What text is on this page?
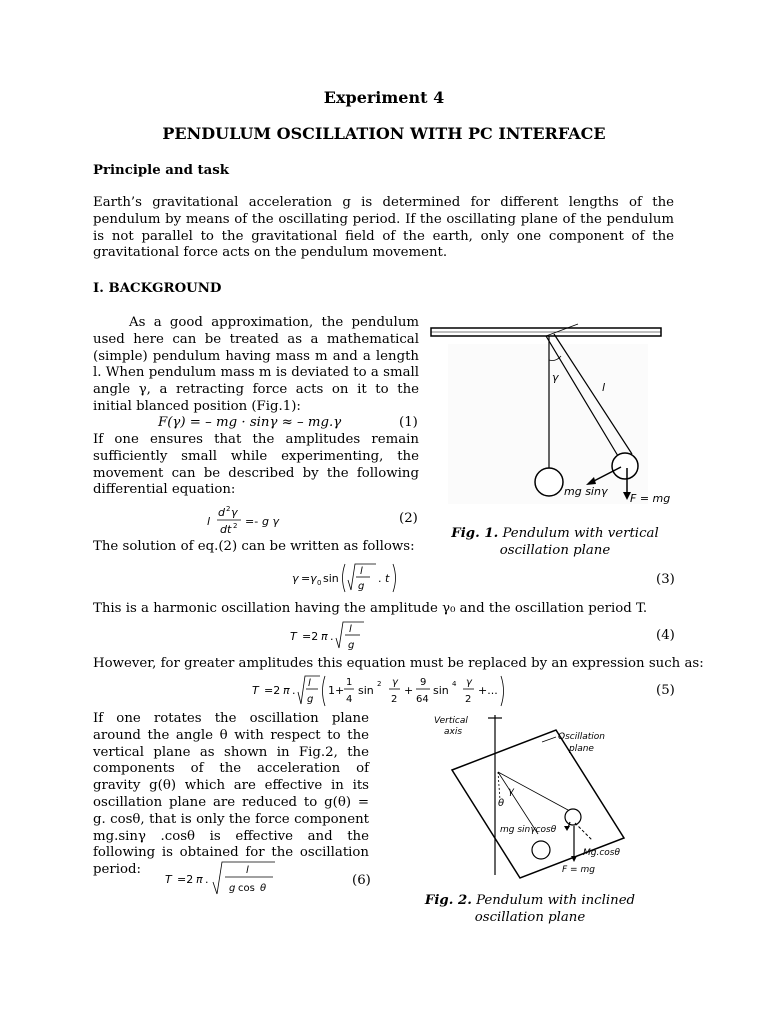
Experiment 4
PENDULUM OSCILLATION WITH PC INTERFACE
Principle and task
Earth’s gravitational acceleration g is determined for different lengths of the pendulum by means of the oscillating period. If the oscillating plane of the pendulum is not parallel to the gravitational field of the earth, only one component of the gravitational force acts on the pendulum movement.
I. BACKGROUND
As a good approximation, the pendulum used here can be treated as a mathematical (simple) pendulum having mass m and a length l. When pendulum mass m is deviated to a small angle γ, a retracting force acts on it to the initial blanced position (Fig.1):
F(γ) = – mg · sinγ ≈ – mg.γ	(1)
If one ensures that the amplitudes remain sufficiently small while experimenting, the movement can be described by the following differential equation:
l
d 2 γ
dt 2 =- g γ	(2)
The solution of eq.(2) can be written as follows:
γ = γ 0 sin
l
g
. t	(3)
This is a harmonic oscillation having the amplitude γ₀ and the oscillation period T.
T =2 π .
l
g
(4)
However, for greater amplitudes this equation must be replaced by an expression such as:
T =2 π .
l
g
1+
1
4
sin 2 γ
2
+
9
64
sin 4 γ
2
+...	(5)
If one rotates the oscillation plane around the angle θ with respect to the vertical plane as shown in Fig.2, the components of the acceleration of gravity g(θ) which are effective in its oscillation plane are reduced to g(θ) = g. cosθ, that is only the force component mg.sinγ .cosθ is effective and the following is obtained for the oscillation period:
T =2 π .
l
g cos θ
(6)
γ
l
mg sinγ
F = mg
Fig. 1. Pendulum with vertical oscillation plane
Vertical
axis	Oscillation
plane
γ
θ
mg sinγcosθ
Mg.cosθ
F = mg
Fig. 2. Pendulum with inclined oscillation plane
